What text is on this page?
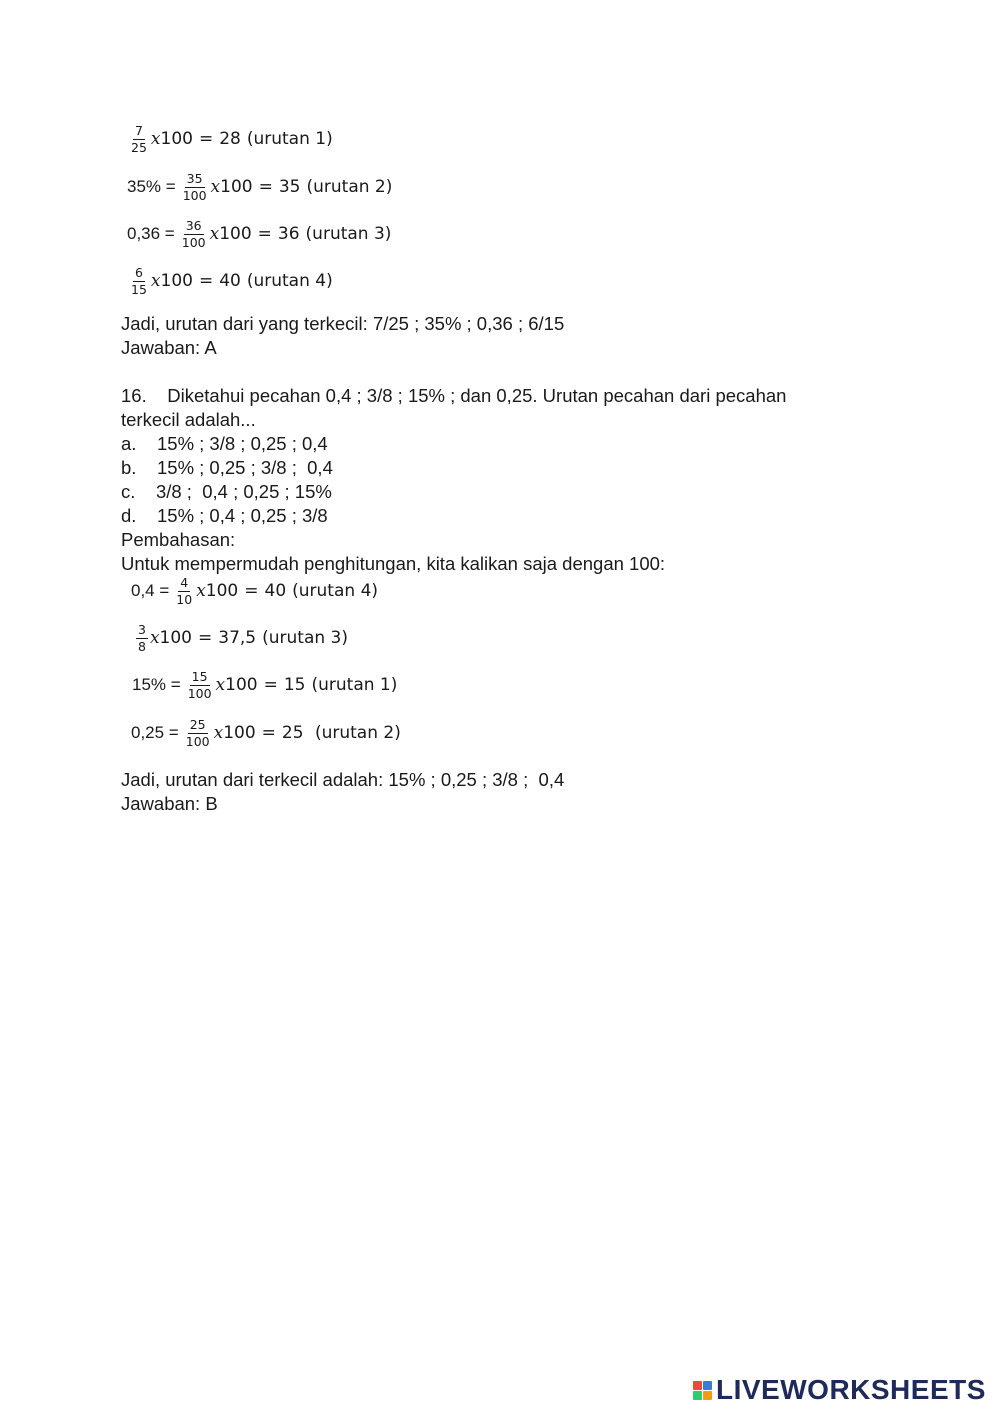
$\frac{7}{25}$ x 100 = 28 (urutan 1)
$35\% = \frac{35}{100}$ x 100 = 35 (urutan 2)
$0,36 = \frac{36}{100}$ x 100 = 36 (urutan 3)
$\frac{6}{15}$ x 100 = 40 (urutan 4)
Jadi, urutan dari yang terkecil: 7/25 ; 35% ; 0,36 ; 6/15
Jawaban: A
16.    Diketahui pecahan 0,4 ; 3/8 ; 15% ; dan 0,25. Urutan pecahan dari pecahan
terkecil adalah...
a.    15% ; 3/8 ; 0,25 ; 0,4
b.    15% ; 0,25 ; 3/8 ;  0,4
c.    3/8 ;  0,4 ; 0,25 ; 15%
d.    15% ; 0,4 ; 0,25 ; 3/8
Pembahasan:
Untuk mempermudah penghitungan, kita kalikan saja dengan 100:
$0,4 = \frac{4}{10}$ x 100 = 40 (urutan 4)
$\frac{3}{8}$ x 100 = 37,5 (urutan 3)
$15\% = \frac{15}{100}$ x 100 = 15 (urutan 1)
$0,25 = \frac{25}{100}$ x 100 = 25 (urutan 2)
Jadi, urutan dari terkecil adalah: 15% ; 0,25 ; 3/8 ;  0,4
Jawaban: B
LIVEWORKSHEETS
